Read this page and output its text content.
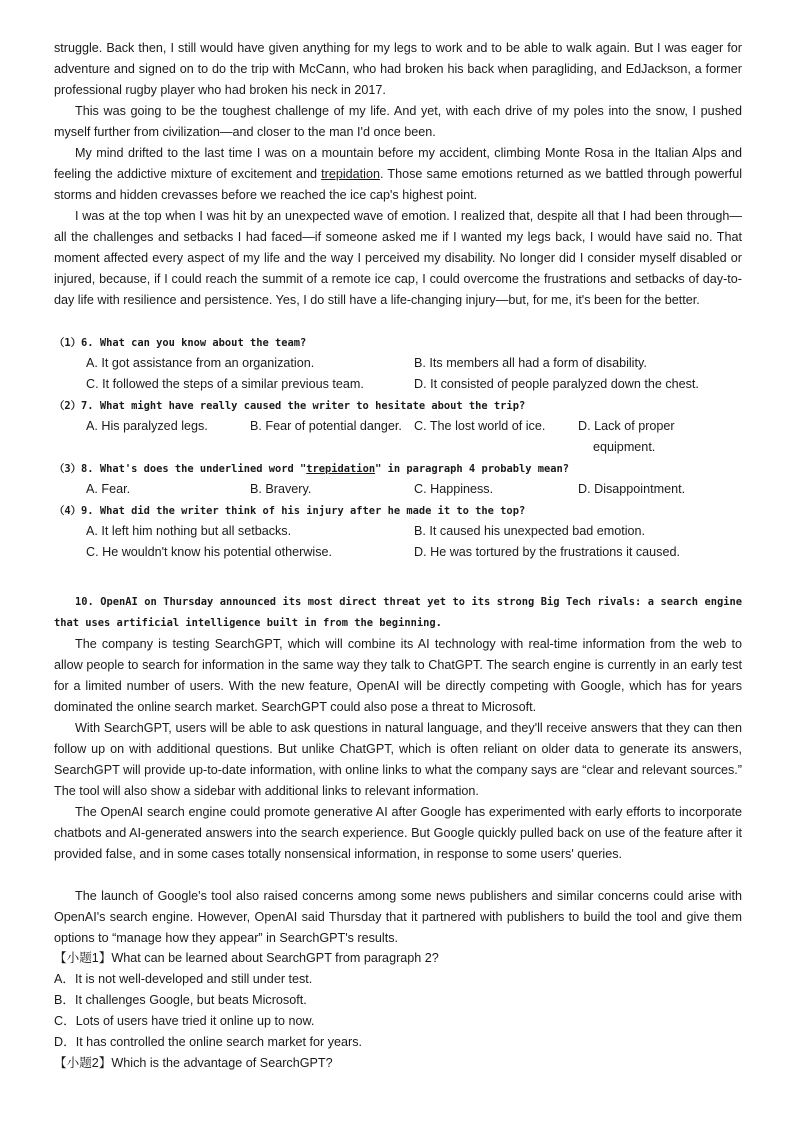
struggle. Back then, I still would have given anything for my legs to work and to be able to walk again. But I was eager for adventure and signed on to do the trip with McCann, who had broken his back when paragliding, and EdJackson, a former professional rugby player who had broken his neck in 2017.

This was going to be the toughest challenge of my life. And yet, with each drive of my poles into the snow, I pushed myself further from civilization—and closer to the man I'd once been.

My mind drifted to the last time I was on a mountain before my accident, climbing Monte Rosa in the Italian Alps and feeling the addictive mixture of excitement and trepidation. Those same emotions returned as we battled through powerful storms and hidden crevasses before we reached the ice cap's highest point.

I was at the top when I was hit by an unexpected wave of emotion. I realized that, despite all that I had been through—all the challenges and setbacks I had faced—if someone asked me if I wanted my legs back, I would have said no. That moment affected every aspect of my life and the way I perceived my disability. No longer did I consider myself disabled or injured, because, if I could reach the summit of a remote ice cap, I could overcome the frustrations and setbacks of day-to-day life with resilience and persistence. Yes, I do still have a life-changing injury—but, for me, it's been for the better.

（1）6. What can you know about the team?
A. It got assistance from an organization.	B. Its members all had a form of disability.
C. It followed the steps of a similar previous team.	D. It consisted of people paralyzed down the chest.
（2）7. What might have really caused the writer to hesitate about the trip?
A. His paralyzed legs.	B. Fear of potential danger. C. The lost world of ice.	D. Lack of proper
equipment.
（3）8. What's does the underlined word "trepidation" in paragraph 4 probably mean?
A. Fear.	B. Bravery.	C. Happiness.	D. Disappointment.
（4）9. What did the writer think of his injury after he made it to the top?
A. It left him nothing but all setbacks.	B. It caused his unexpected bad emotion.
C. He wouldn't know his potential otherwise.	D. He was tortured by the frustrations it caused.

10. OpenAI on Thursday announced its most direct threat yet to its strong Big Tech rivals: a search engine that uses artificial intelligence built in from the beginning.

The company is testing SearchGPT, which will combine its AI technology with real-time information from the web to allow people to search for information in the same way they talk to ChatGPT. The search engine is currently in an early test for a limited number of users. With the new feature, OpenAI will be directly competing with Google, which has for years dominated the online search market. SearchGPT could also pose a threat to Microsoft.

With SearchGPT, users will be able to ask questions in natural language, and they'll receive answers that they can then follow up on with additional questions. But unlike ChatGPT, which is often reliant on older data to generate its answers, SearchGPT will provide up-to-date information, with online links to what the company says are “clear and relevant sources.” The tool will also show a sidebar with additional links to relevant information.

The OpenAI search engine could promote generative AI after Google has experimented with early efforts to incorporate chatbots and AI-generated answers into the search experience. But Google quickly pulled back on use of the feature after it provided false, and in some cases totally nonsensical information, in response to some users' queries.

The launch of Google's tool also raised concerns among some news publishers and similar concerns could arise with OpenAI's search engine. However, OpenAI said Thursday that it partnered with publishers to build the tool and give them options to “manage how they appear” in SearchGPT's results.

【小题1】What can be learned about SearchGPT from paragraph 2?
A．It is not well-developed and still under test.
B．It challenges Google, but beats Microsoft.
C．Lots of users have tried it online up to now.
D．It has controlled the online search market for years.
【小题2】Which is the advantage of SearchGPT?
